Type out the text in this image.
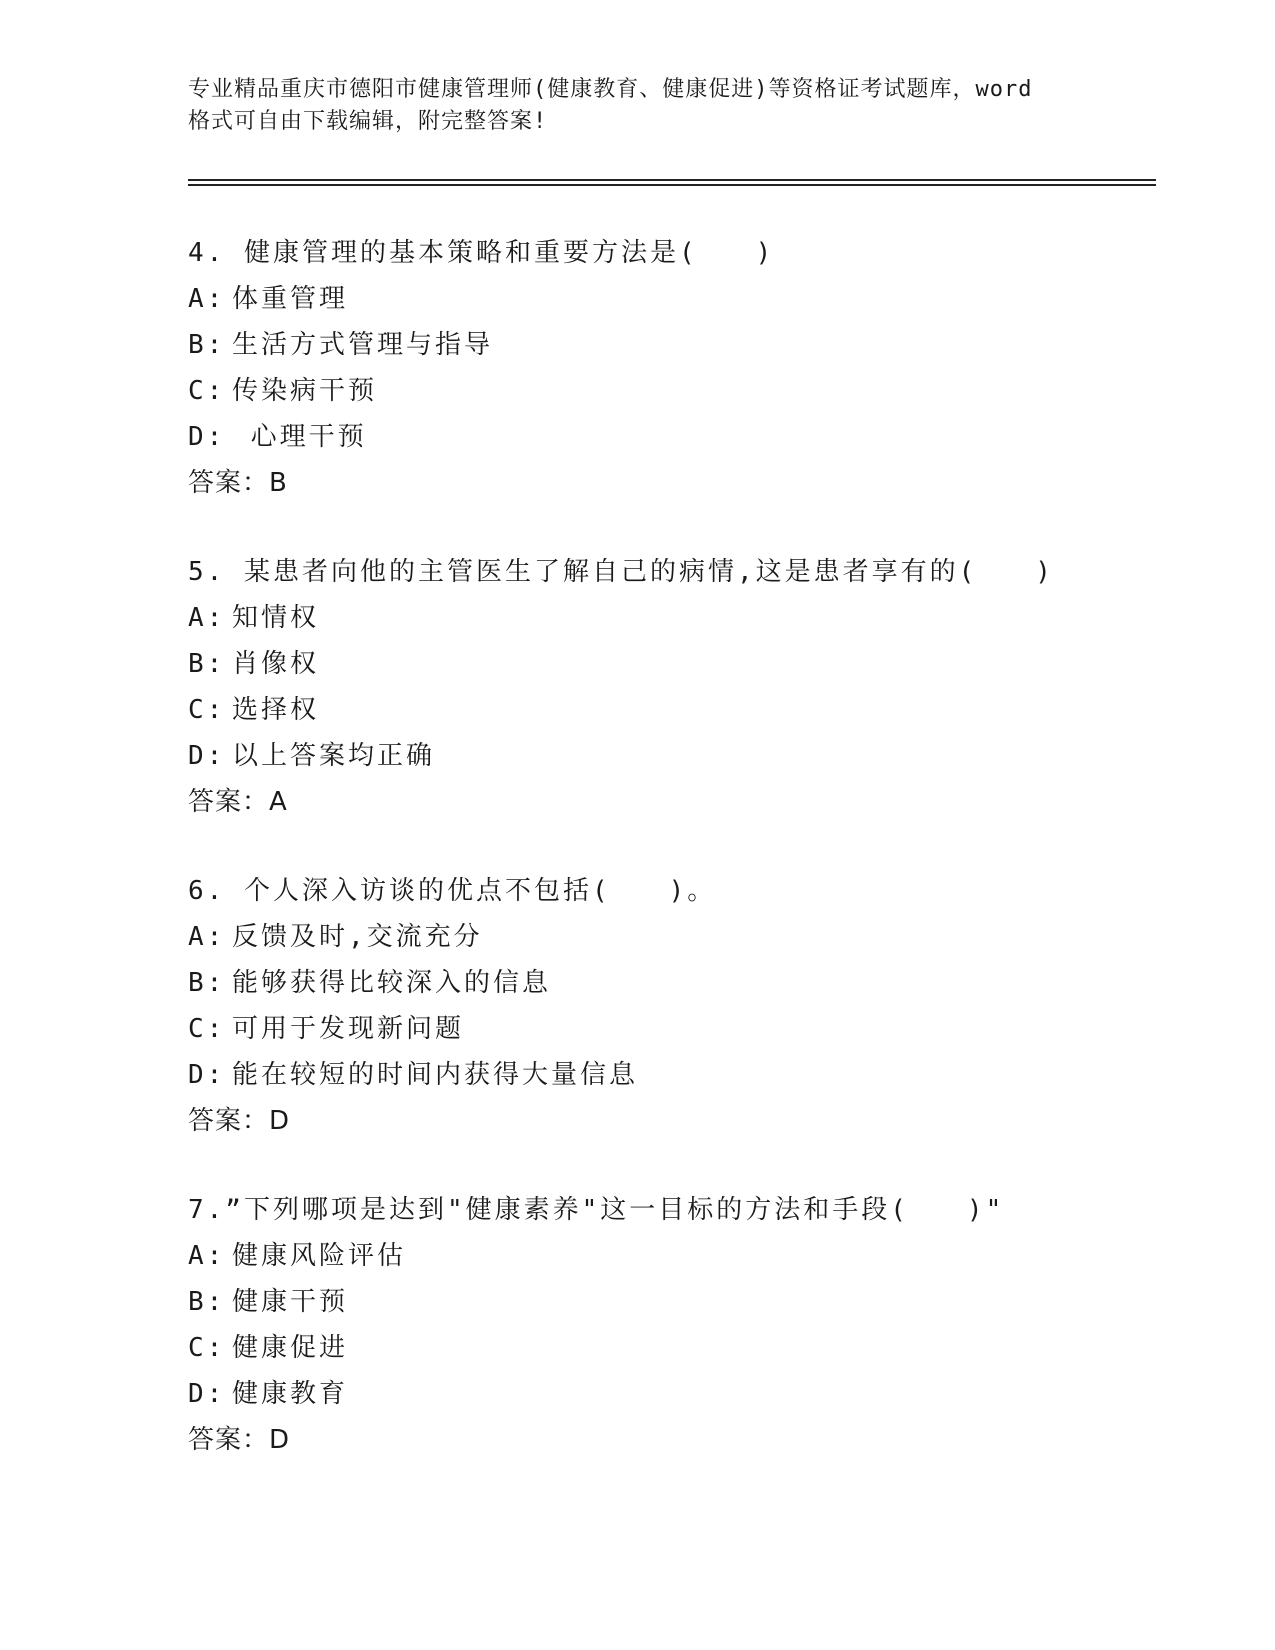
专业精品重庆市德阳市健康管理师(健康教育、健康促进)等资格证考试题库，word
格式可自由下载编辑，附完整答案!
4. 健康管理的基本策略和重要方法是(　　)
A: 体重管理
B: 生活方式管理与指导
C: 传染病干预
D: 心理干预
答案：B
5. 某患者向他的主管医生了解自己的病情,这是患者享有的(　　)
A: 知情权
B: 肖像权
C: 选择权
D: 以上答案均正确
答案：A
6. 个人深入访谈的优点不包括(　　)。
A: 反馈及时,交流充分
B: 能够获得比较深入的信息
C: 可用于发现新问题
D: 能在较短的时间内获得大量信息
答案：D
7.”下列哪项是达到"健康素养"这一目标的方法和手段(　　)"
A: 健康风险评估
B: 健康干预
C: 健康促进
D: 健康教育
答案：D
